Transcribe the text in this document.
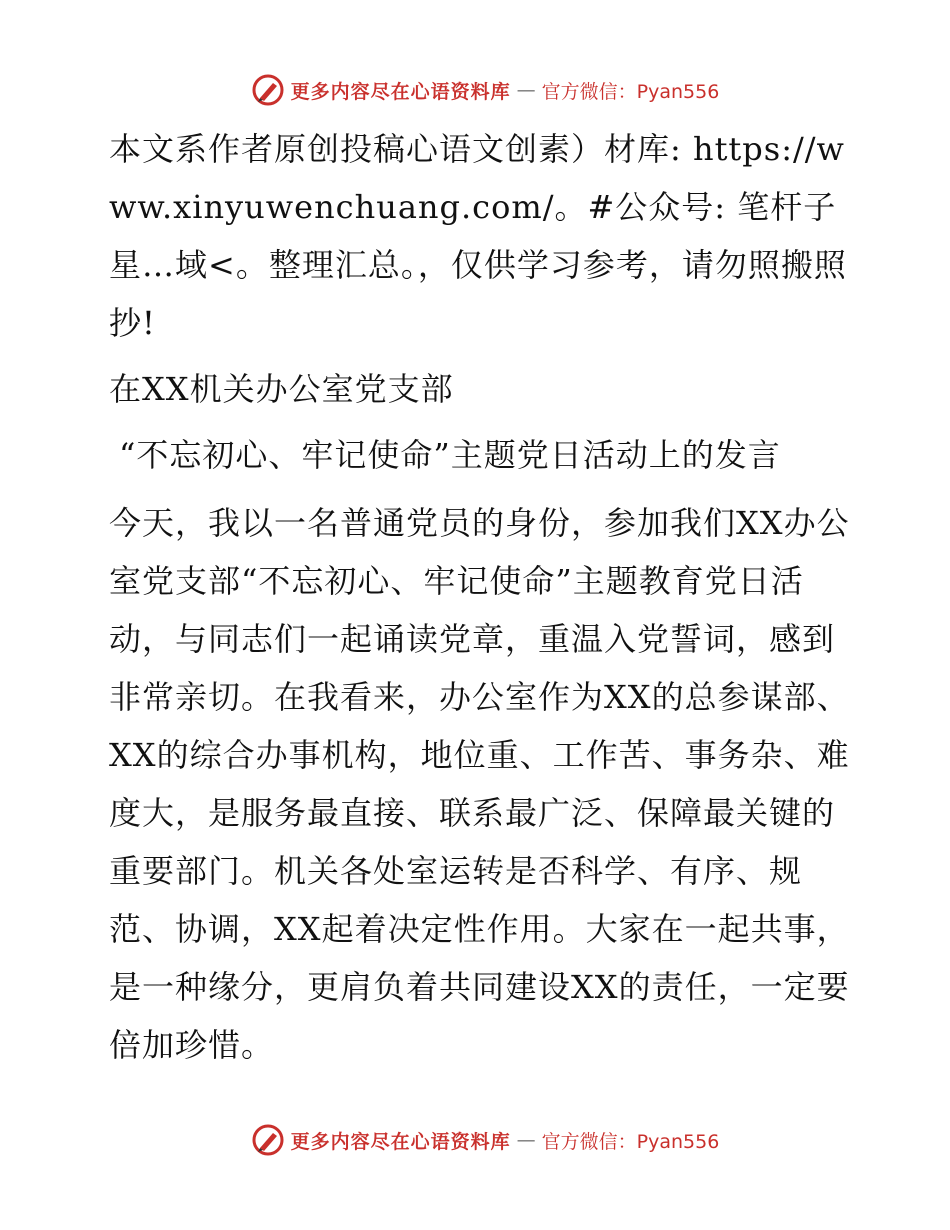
更多内容尽在心语资料库 — 官方微信：Pyan556

本文系作者原创投稿心语文创素）材库: https://www.xinyuwenchuang.com/。#公众号: 笔杆子星…域<。整理汇总。，仅供学习参考，请勿照搬照抄!

在XX机关办公室党支部

“不忘初心、牢记使命”主题党日活动上的发言

今天，我以一名普通党员的身份，参加我们XX办公室党支部“不忘初心、牢记使命”主题教育党日活动，与同志们一起诵读党章，重温入党誓词，感到非常亲切。在我看来，办公室作为XX的总参谋部、XX的综合办事机构，地位重、工作苦、事务杂、难度大，是服务最直接、联系最广泛、保障最关键的重要部门。机关各处室运转是否科学、有序、规范、协调，XX起着决定性作用。大家在一起共事，是一种缘分，更肩负着共同建设XX的责任，一定要倍加珍惜。

更多内容尽在心语资料库 — 官方微信：Pyan556
